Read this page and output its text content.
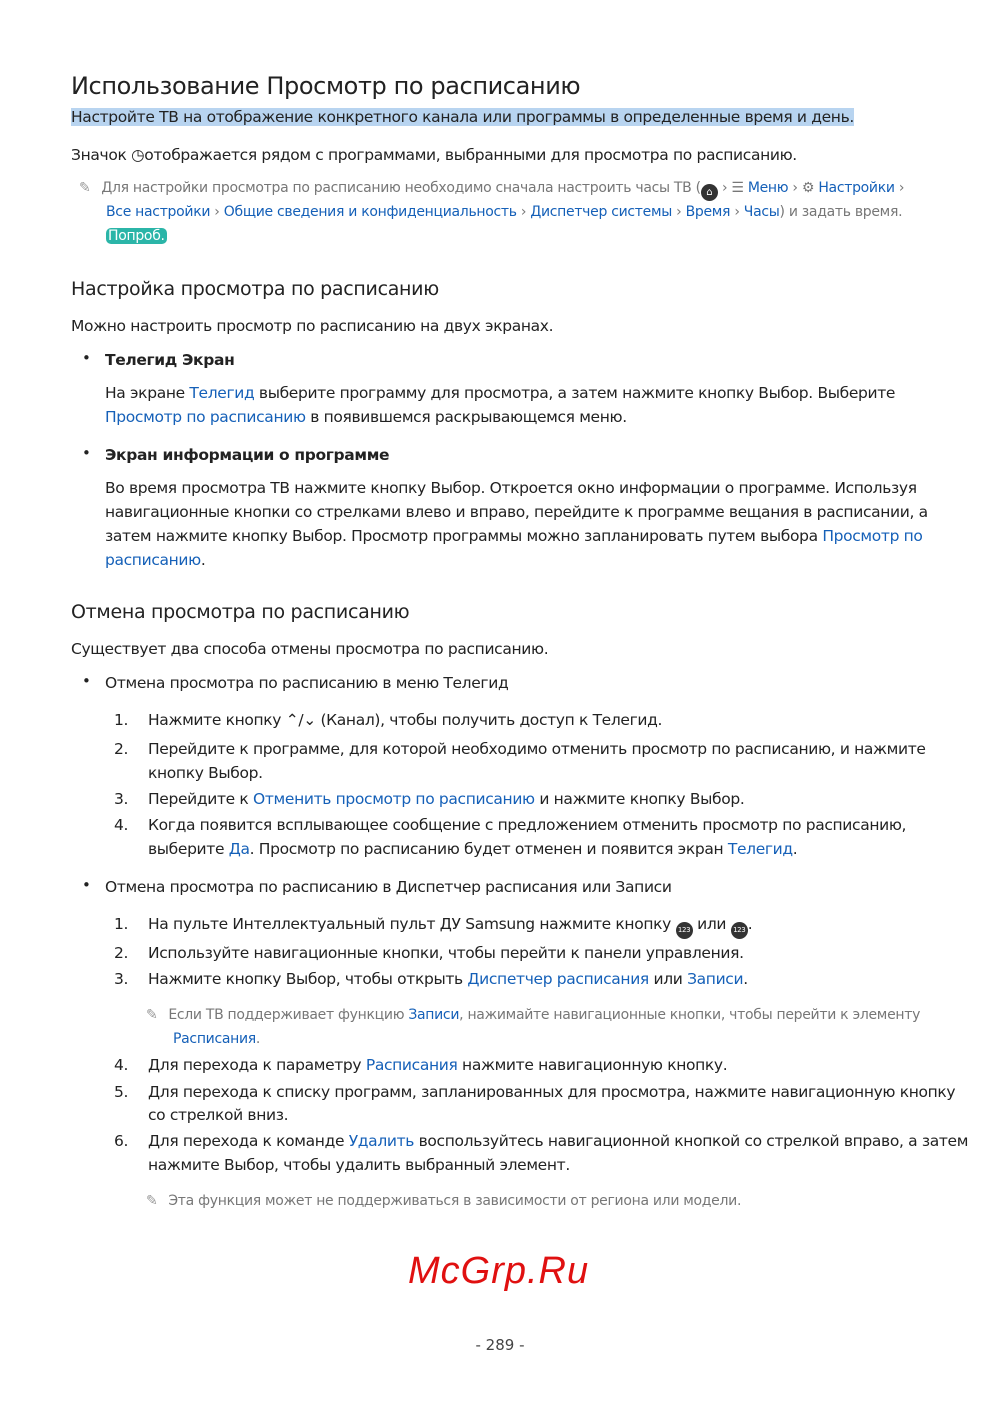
Использование Просмотр по расписанию
Настройте ТВ на отображение конкретного канала или программы в определенные время и день.
Значок ◷отображается рядом с программами, выбранными для просмотра по расписанию.
✎ Для настройки просмотра по расписанию необходимо сначала настроить часы ТВ ( ⌂ › ☰ Меню › ⚙ Настройки ›
Все настройки › Общие сведения и конфиденциальность › Диспетчер системы › Время › Часы) и задать время.
Попроб.
Настройка просмотра по расписанию
Можно настроить просмотр по расписанию на двух экранах.
• Телегид Экран
На экране Телегид выберите программу для просмотра, а затем нажмите кнопку Выбор. Выберите
Просмотр по расписанию в появившемся раскрывающемся меню.
• Экран информации о программе
Во время просмотра ТВ нажмите кнопку Выбор. Откроется окно информации о программе. Используя
навигационные кнопки со стрелками влево и вправо, перейдите к программе вещания в расписании, а
затем нажмите кнопку Выбор. Просмотр программы можно запланировать путем выбора Просмотр по
расписанию.
Отмена просмотра по расписанию
Существует два способа отмены просмотра по расписанию.
• Отмена просмотра по расписанию в меню Телегид
1. Нажмите кнопку ⌃/⌄ (Канал), чтобы получить доступ к Телегид.
2. Перейдите к программе, для которой необходимо отменить просмотр по расписанию, и нажмите
кнопку Выбор.
3. Перейдите к Отменить просмотр по расписанию и нажмите кнопку Выбор.
4. Когда появится всплывающее сообщение с предложением отменить просмотр по расписанию,
выберите Да. Просмотр по расписанию будет отменен и появится экран Телегид.
• Отмена просмотра по расписанию в Диспетчер расписания или Записи
1. На пульте Интеллектуальный пульт ДУ Samsung нажмите кнопку 123 или 123 .
2. Используйте навигационные кнопки, чтобы перейти к панели управления.
3. Нажмите кнопку Выбор, чтобы открыть Диспетчер расписания или Записи.
✎ Если ТВ поддерживает функцию Записи, нажимайте навигационные кнопки, чтобы перейти к элементу
Расписания.
4. Для перехода к параметру Расписания нажмите навигационную кнопку.
5. Для перехода к списку программ, запланированных для просмотра, нажмите навигационную кнопку
со стрелкой вниз.
6. Для перехода к команде Удалить воспользуйтесь навигационной кнопкой со стрелкой вправо, а затем
нажмите Выбор, чтобы удалить выбранный элемент.
✎ Эта функция может не поддерживаться в зависимости от региона или модели.
McGrp.Ru
- 289 -
